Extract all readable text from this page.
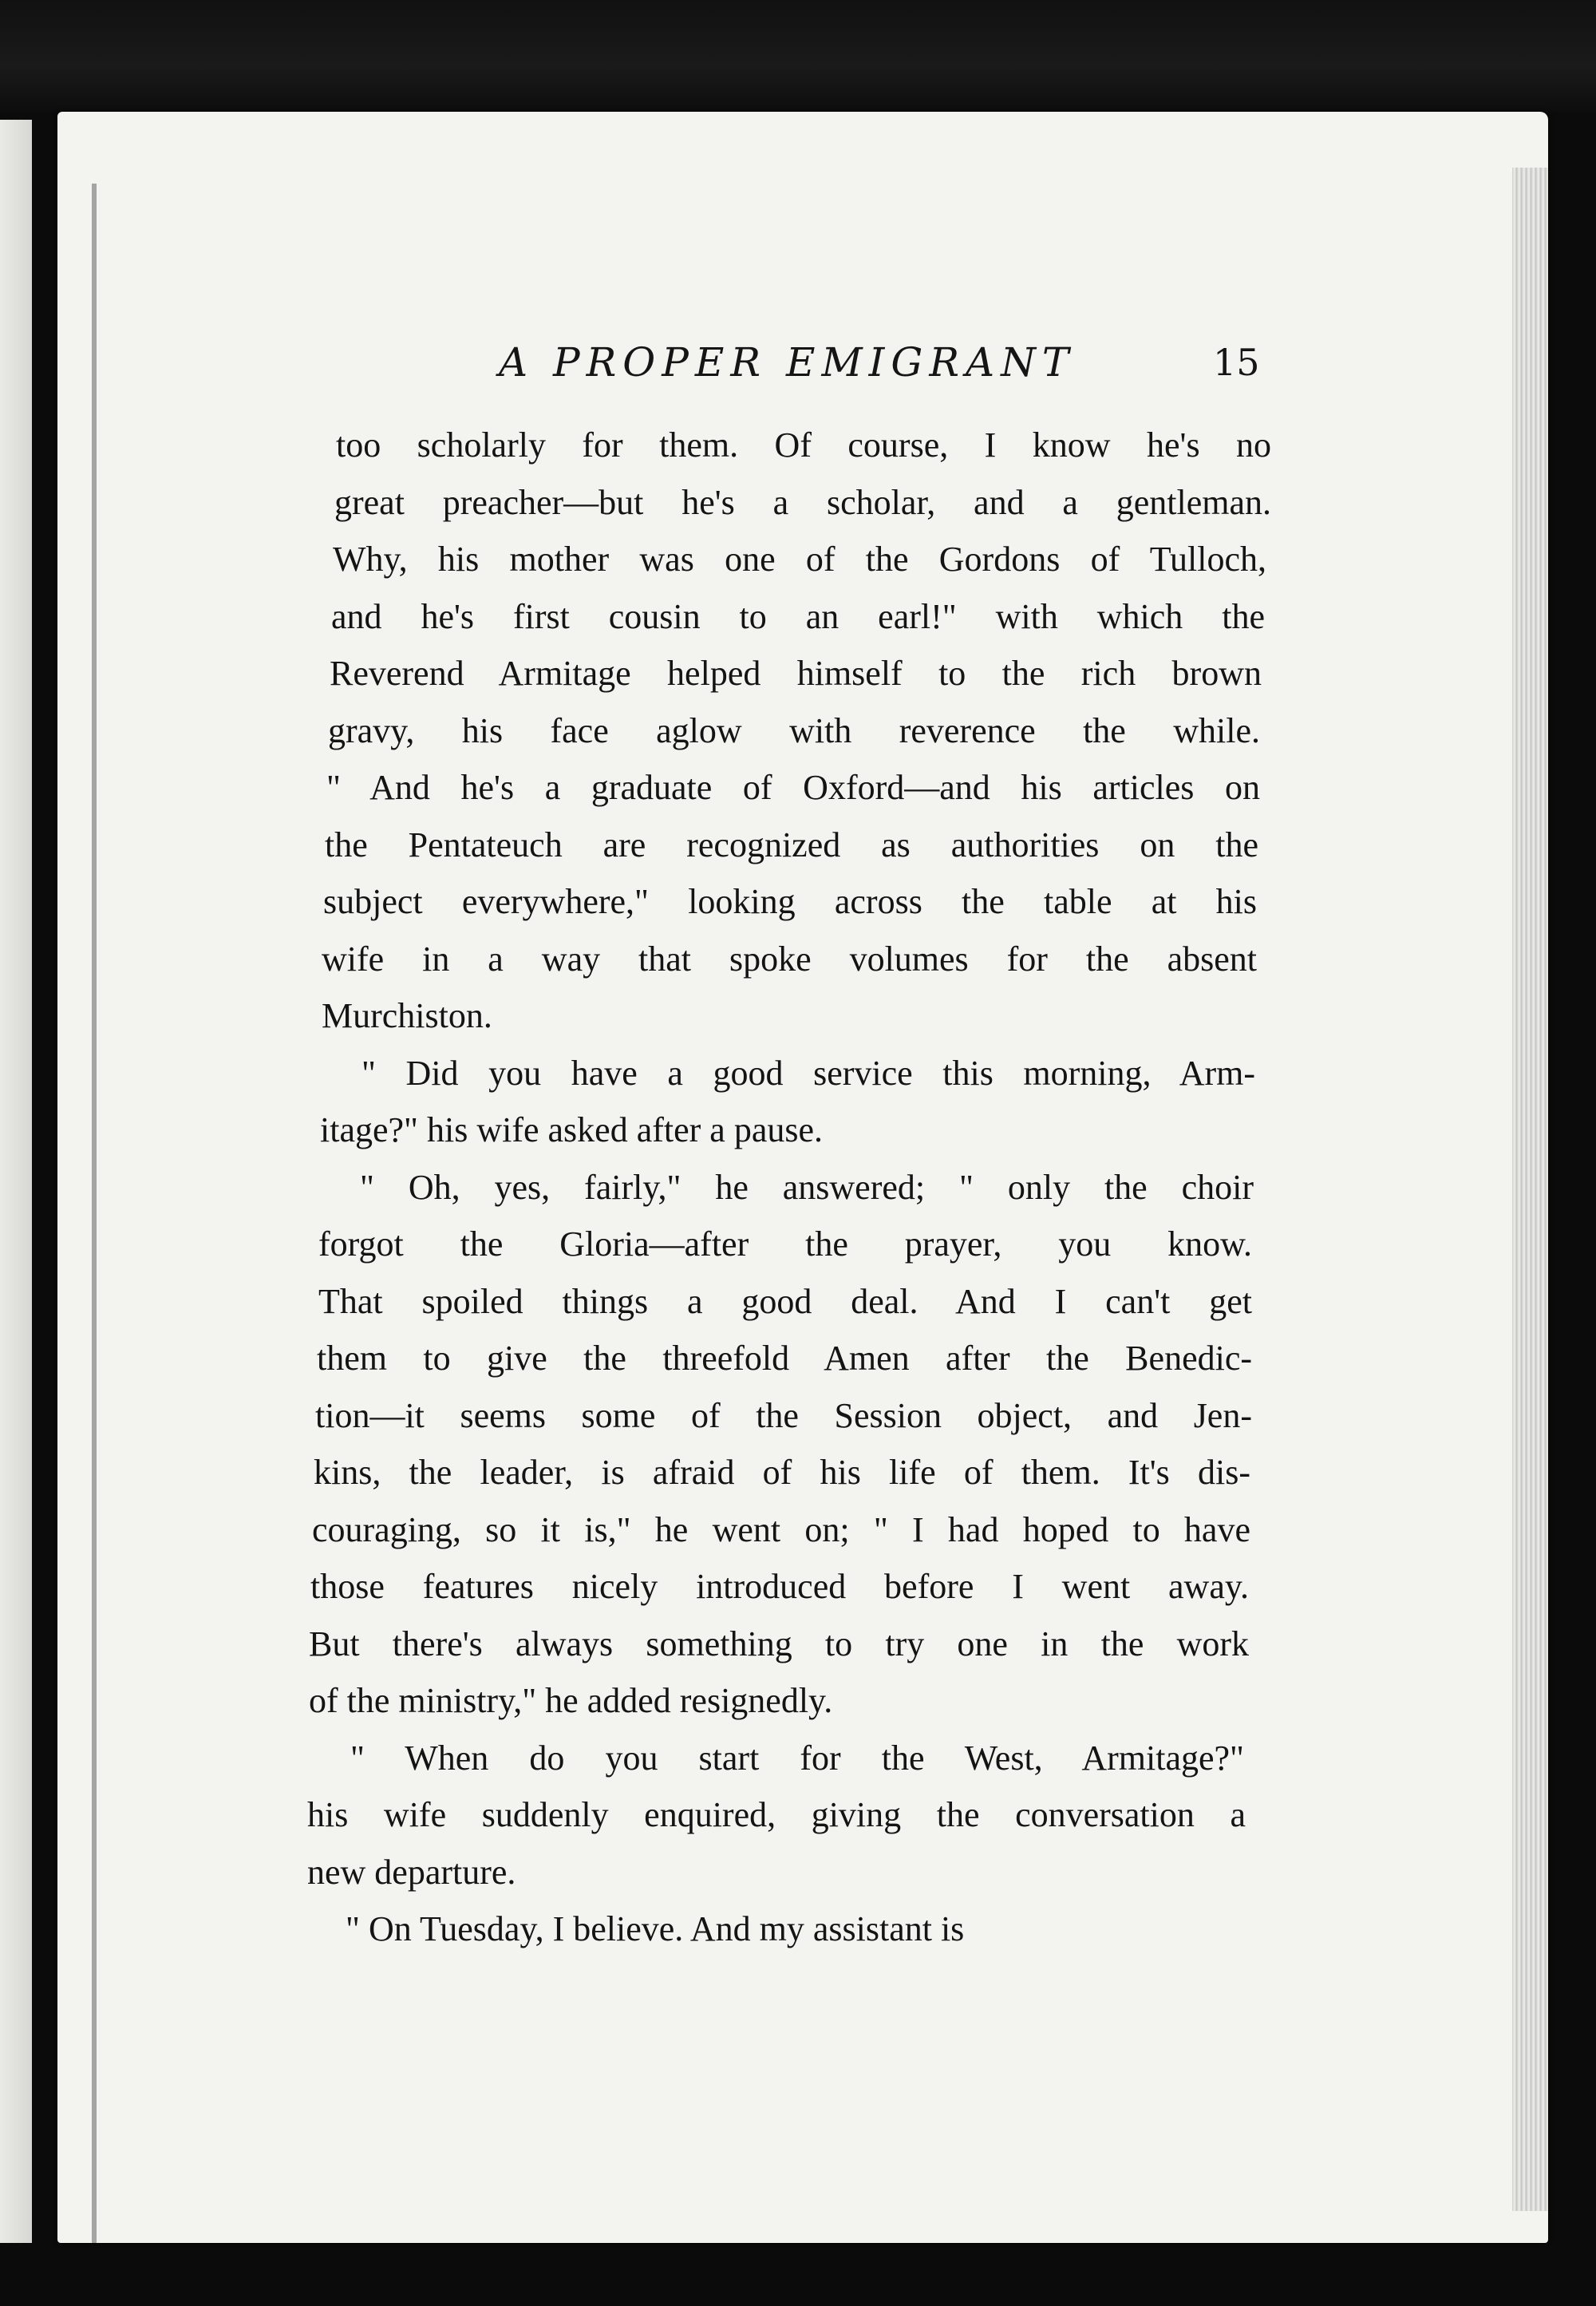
A PROPER EMIGRANT	15
too scholarly for them. Of course, I know he's no
great preacher—but he's a scholar, and a gentleman.
Why, his mother was one of the Gordons of Tulloch,
and he's first cousin to an earl!" with which the
Reverend Armitage helped himself to the rich brown
gravy, his face aglow with reverence the while.
" And he's a graduate of Oxford—and his articles on
the Pentateuch are recognized as authorities on the
subject everywhere," looking across the table at his
wife in a way that spoke volumes for the absent
Murchiston.
" Did you have a good service this morning, Arm-
itage?" his wife asked after a pause.
" Oh, yes, fairly," he answered; " only the choir
forgot the Gloria—after the prayer, you know.
That spoiled things a good deal. And I can't get
them to give the threefold Amen after the Benedic-
tion—it seems some of the Session object, and Jen-
kins, the leader, is afraid of his life of them. It's dis-
couraging, so it is," he went on; " I had hoped to have
those features nicely introduced before I went away.
But there's always something to try one in the work
of the ministry," he added resignedly.
" When do you start for the West, Armitage?"
his wife suddenly enquired, giving the conversation a
new departure.
" On Tuesday, I believe. And my assistant is
